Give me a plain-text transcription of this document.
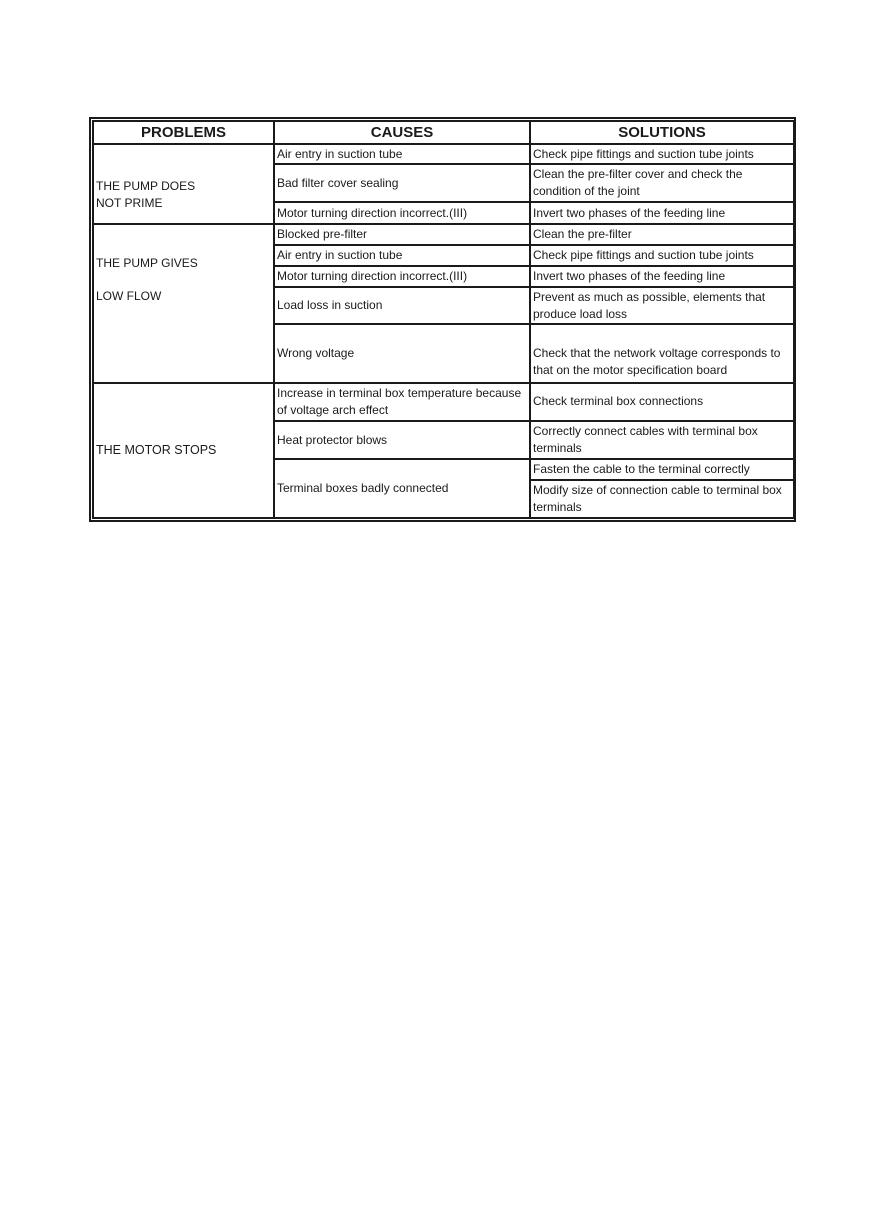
PROBLEMS	CAUSES	SOLUTIONS

THE PUMP DOES
NOT PRIME	Air entry in suction tube	Check pipe fittings and suction tube joints
	Bad filter cover sealing	Clean the pre-filter cover and check the condition of the joint
	Motor turning direction incorrect.(III)	Invert two phases of the feeding line
THE PUMP GIVES
LOW FLOW	Blocked pre-filter	Clean the pre-filter
	Air entry in suction tube	Check pipe fittings and suction tube joints
	Motor turning direction incorrect.(III)	Invert two phases of the feeding line
	Load loss in suction	Prevent as much as possible, elements that produce load loss
	Wrong voltage	Check that the network voltage corresponds to that on the motor specification board
THE MOTOR STOPS	Increase in terminal box temperature because of voltage arch effect	Check terminal box connections
	Heat protector blows	Correctly connect cables with terminal box terminals
	Terminal boxes badly connected	Fasten the cable to the terminal correctly
		Modify size of connection cable to terminal box terminals
